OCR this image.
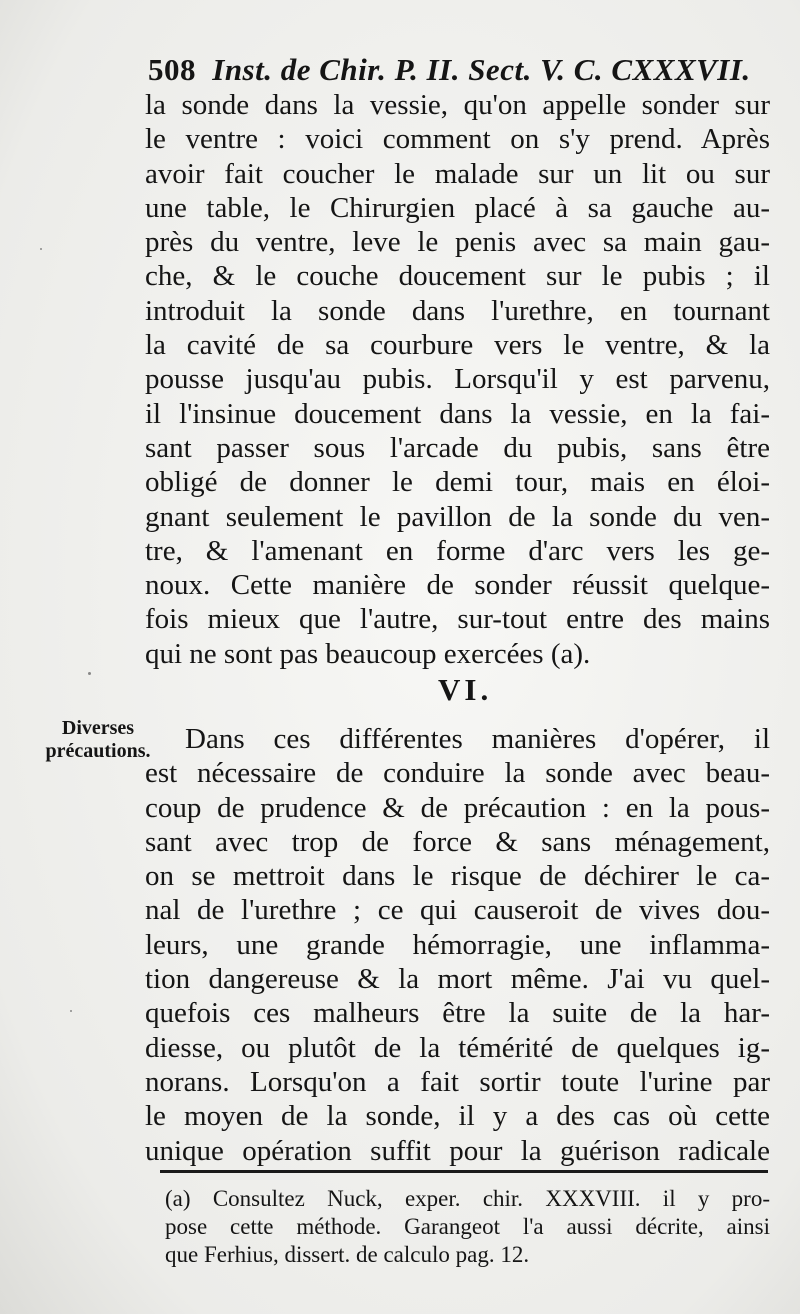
508 Inst. de Chir. P. II. Sect. V. C. CXXXVII.
la sonde dans la vessie, qu'on appelle sonder sur
le ventre : voici comment on s'y prend. Après
avoir fait coucher le malade sur un lit ou sur
une table, le Chirurgien placé à sa gauche au-
près du ventre, leve le penis avec sa main gau-
che, & le couche doucement sur le pubis ; il
introduit la sonde dans l'urethre, en tournant
la cavité de sa courbure vers le ventre, & la
pousse jusqu'au pubis. Lorsqu'il y est parvenu,
il l'insinue doucement dans la vessie, en la fai-
sant passer sous l'arcade du pubis, sans être
obligé de donner le demi tour, mais en éloi-
gnant seulement le pavillon de la sonde du ven-
tre, & l'amenant en forme d'arc vers les ge-
noux. Cette manière de sonder réussit quelque-
fois mieux que l'autre, sur-tout entre des mains
qui ne sont pas beaucoup exercées (a).
VI.
Diverses
précautions.	Dans ces différentes manières d'opérer, il
est nécessaire de conduire la sonde avec beau-
coup de prudence & de précaution : en la pous-
sant avec trop de force & sans ménagement,
on se mettroit dans le risque de déchirer le ca-
nal de l'urethre ; ce qui causeroit de vives dou-
leurs, une grande hémorragie, une inflamma-
tion dangereuse & la mort même. J'ai vu quel-
quefois ces malheurs être la suite de la har-
diesse, ou plutôt de la témérité de quelques ig-
norans. Lorsqu'on a fait sortir toute l'urine par
le moyen de la sonde, il y a des cas où cette
unique opération suffit pour la guérison radicale
(a) Consultez Nuck, exper. chir. XXXVIII. il y pro-
pose cette méthode. Garangeot l'a aussi décrite, ainsi
que Ferhius, dissert. de calculo pag. 12.
